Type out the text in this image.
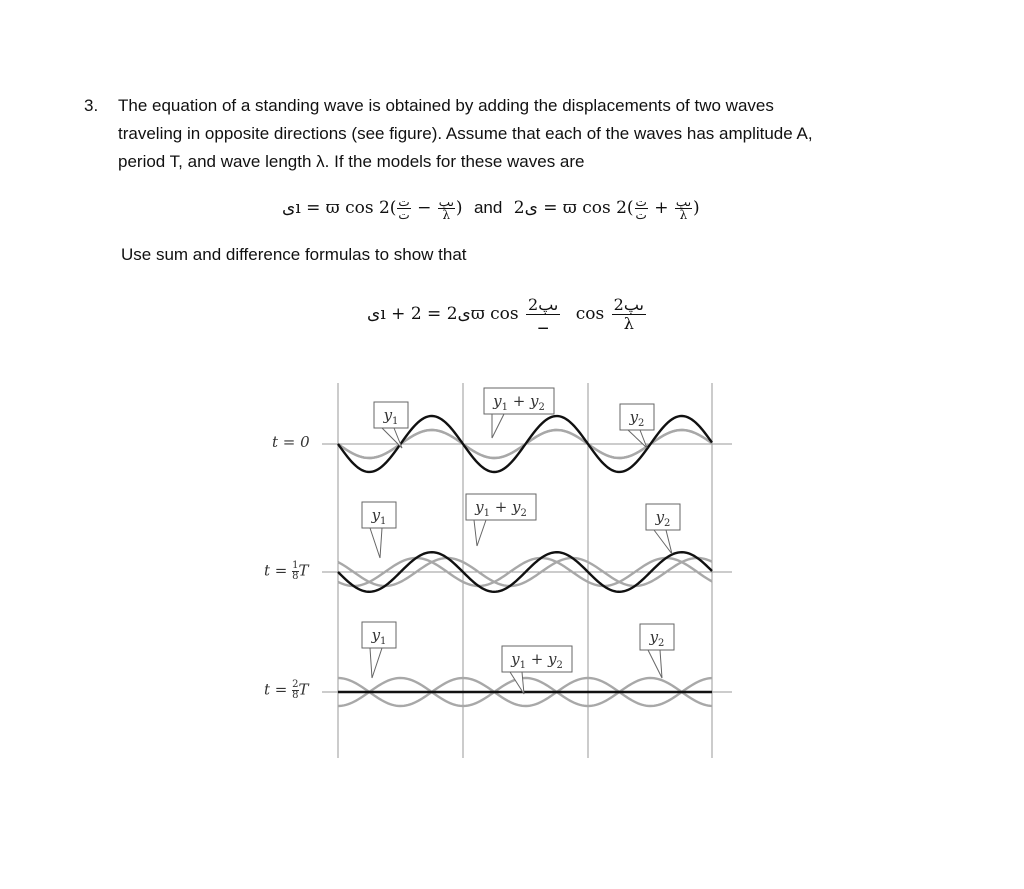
3. The equation of a standing wave is obtained by adding the displacements of two waves
traveling in opposite directions (see figure). Assume that each of the waves has amplitude A,
period T, and wave length λ. If the models for these waves are
ىı = ϖ $\cos 2( \frac{\text{ت}}{\text{ت}} - \frac{\text{ىپ}}{\lambda}$ ) and ى2 = ϖ $\cos 2( \frac{\text{ت}}{\text{ت}} + \frac{\text{ىپ}}{\lambda}$ )
Use sum and difference formulas to show that
ىı + ى2 = 2ϖ cos 2ىپ
ــ	cos 2ىپ
λ
t = 0
$t = \frac{1}{8}T$
$t = \frac{2}{8}T$
$y_1$
$y_1 + y_2$
$y_2$
$y_1$
$y_1 + y_2$	$y_2$
$y_1$
$y_1 + y_2$
$y_2$
